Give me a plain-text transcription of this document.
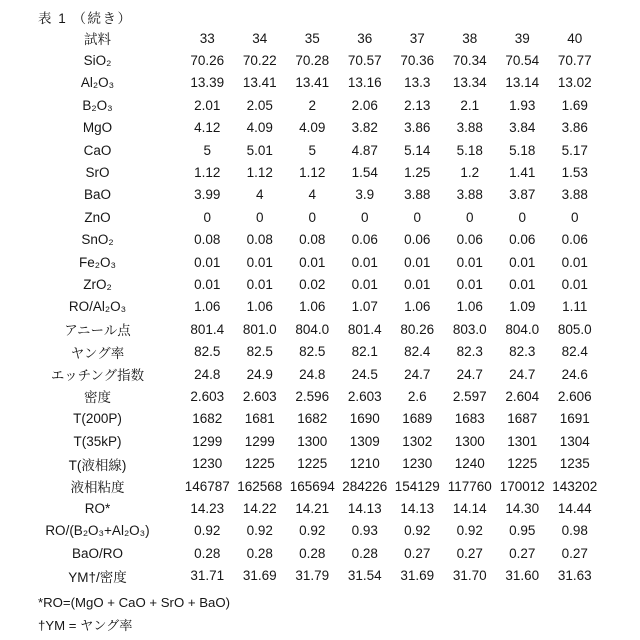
表 1 （続き）
試料	33	34	35	36	37	38	39	40
SiO₂	70.26	70.22	70.28	70.57	70.36	70.34	70.54	70.77
Al₂O₃	13.39	13.41	13.41	13.16	13.3	13.34	13.14	13.02
B₂O₃	2.01	2.05	2	2.06	2.13	2.1	1.93	1.69
MgO	4.12	4.09	4.09	3.82	3.86	3.88	3.84	3.86
CaO	5	5.01	5	4.87	5.14	5.18	5.18	5.17
SrO	1.12	1.12	1.12	1.54	1.25	1.2	1.41	1.53
BaO	3.99	4	4	3.9	3.88	3.88	3.87	3.88
ZnO	0	0	0	0	0	0	0	0
SnO₂	0.08	0.08	0.08	0.06	0.06	0.06	0.06	0.06
Fe₂O₃	0.01	0.01	0.01	0.01	0.01	0.01	0.01	0.01
ZrO₂	0.01	0.01	0.02	0.01	0.01	0.01	0.01	0.01
RO/Al₂O₃	1.06	1.06	1.06	1.07	1.06	1.06	1.09	1.11
アニール点	801.4	801.0	804.0	801.4	80.26	803.0	804.0	805.0
ヤング率	82.5	82.5	82.5	82.1	82.4	82.3	82.3	82.4
エッチング指数	24.8	24.9	24.8	24.5	24.7	24.7	24.7	24.6
密度	2.603	2.603	2.596	2.603	2.6	2.597	2.604	2.606
T(200P)	1682	1681	1682	1690	1689	1683	1687	1691
T(35kP)	1299	1299	1300	1309	1302	1300	1301	1304
T(液相線)	1230	1225	1225	1210	1230	1240	1225	1235
液相粘度	146787	162568	165694	284226	154129	117760	170012	143202
RO*	14.23	14.22	14.21	14.13	14.13	14.14	14.30	14.44
RO/(B₂O₃+Al₂O₃)	0.92	0.92	0.92	0.93	0.92	0.92	0.95	0.98
BaO/RO	0.28	0.28	0.28	0.28	0.27	0.27	0.27	0.27
YM†/密度	31.71	31.69	31.79	31.54	31.69	31.70	31.60	31.63
*RO=(MgO + CaO + SrO + BaO)
†YM = ヤング率
